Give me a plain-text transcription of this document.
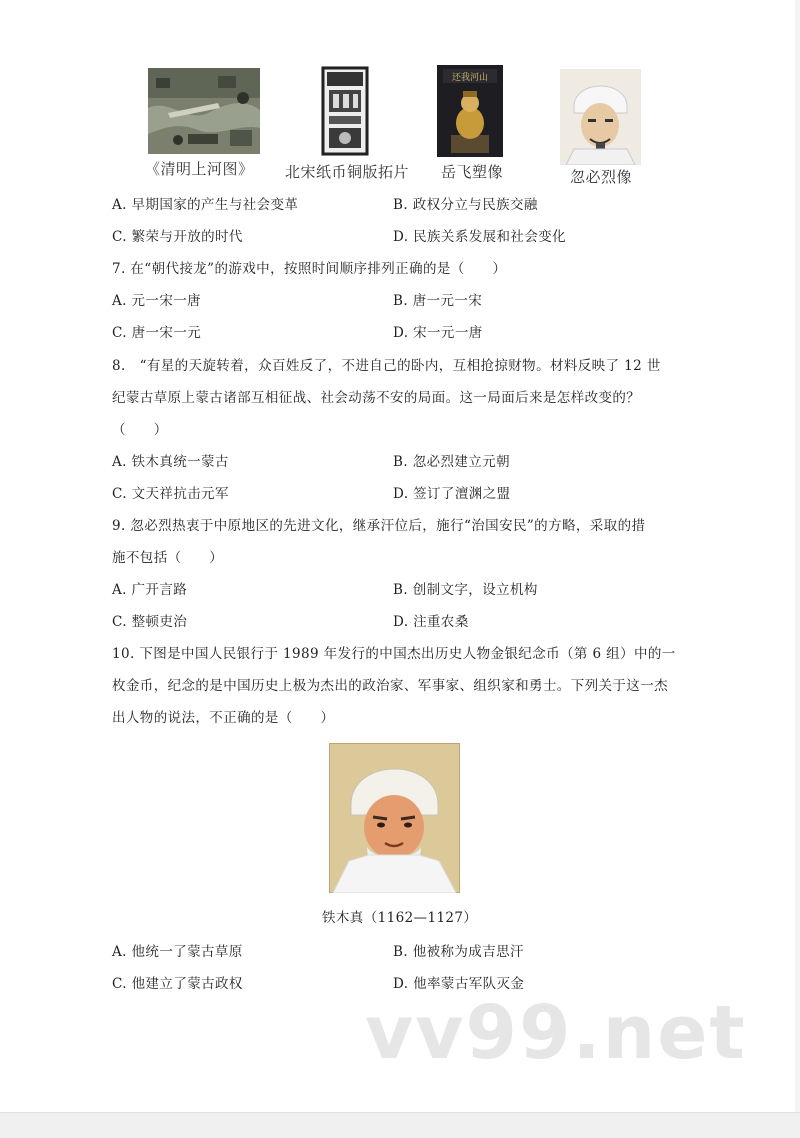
《清明上河图》 北宋纸币铜版拓片
还我河山
岳飞塑像	忽必烈像
A. 早期国家的产生与社会变革	B. 政权分立与民族交融
C. 繁荣与开放的时代	D. 民族关系发展和社会变化
7. 在“朝代接龙”的游戏中，按照时间顺序排列正确的是（　　）
A. 元一宋一唐	B. 唐一元一宋
C. 唐一宋一元	D. 宋一元一唐
8.　“有星的天旋转着，众百姓反了，不进自己的卧内，互相抢掠财物。材料反映了 12 世
纪蒙古草原上蒙古诸部互相征战、社会动荡不安的局面。这一局面后来是怎样改变的？
（　　）
A. 铁木真统一蒙古	B. 忽必烈建立元朝
C. 文天祥抗击元军	D. 签订了澶渊之盟
9. 忽必烈热衷于中原地区的先进文化，继承汗位后，施行“治国安民”的方略，采取的措
施不包括（　　）
A. 广开言路	B. 创制文字，设立机构
C. 整顿吏治	D. 注重农桑
10. 下图是中国人民银行于 1989 年发行的中国杰出历史人物金银纪念币（第 6 组）中的一
枚金币，纪念的是中国历史上极为杰出的政治家、军事家、组织家和勇士。下列关于这一杰
出人物的说法，不正确的是（　　）
铁木真（1162—1127）
A. 他统一了蒙古草原	B. 他被称为成吉思汗
C. 他建立了蒙古政权	D. 他率蒙古军队灭金
vv99.net
